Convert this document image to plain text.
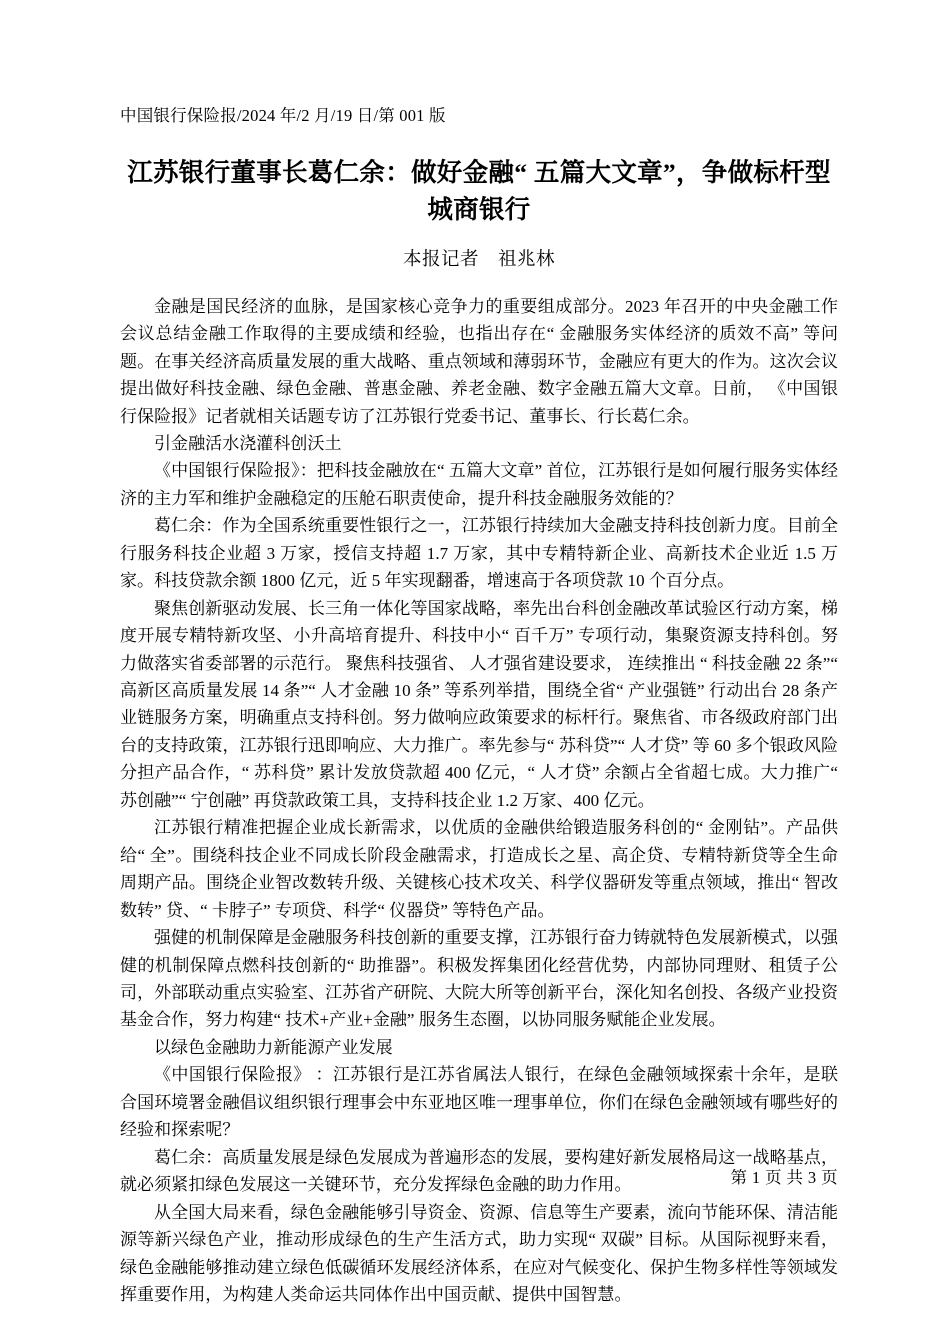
中国银行保险报/2024 年/2 月/19 日/第 001 版
江苏银行董事长葛仁余：做好金融“ 五篇大文章”，争做标杆型城商银行
本报记者　祖兆林

金融是国民经济的血脉，是国家核心竞争力的重要组成部分。2023 年召开的中央金融工作会议总结金融工作取得的主要成绩和经验，也指出存在“ 金融服务实体经济的质效不高” 等问题。在事关经济高质量发展的重大战略、重点领域和薄弱环节，金融应有更大的作为。这次会议提出做好科技金融、绿色金融、普惠金融、养老金融、数字金融五篇大文章。日前， 《中国银行保险报》记者就相关话题专访了江苏银行党委书记、董事长、行长葛仁余。

引金融活水浇灌科创沃土

《中国银行保险报》：把科技金融放在“ 五篇大文章” 首位，江苏银行是如何履行服务实体经济的主力军和维护金融稳定的压舱石职责使命，提升科技金融服务效能的？

葛仁余：作为全国系统重要性银行之一，江苏银行持续加大金融支持科技创新力度。目前全行服务科技企业超 3 万家，授信支持超 1.7 万家，其中专精特新企业、高新技术企业近 1.5 万家。科技贷款余额 1800 亿元，近 5 年实现翻番，增速高于各项贷款 10 个百分点。

聚焦创新驱动发展、长三角一体化等国家战略，率先出台科创金融改革试验区行动方案，梯度开展专精特新攻坚、小升高培育提升、科技中小“ 百千万” 专项行动，集聚资源支持科创。努力做落实省委部署的示范行。 聚焦科技强省、 人才强省建设要求， 连续推出 “ 科技金融 22 条”“ 高新区高质量发展 14 条”“ 人才金融 10 条” 等系列举措，围绕全省“ 产业强链” 行动出台 28 条产业链服务方案，明确重点支持科创。努力做响应政策要求的标杆行。聚焦省、市各级政府部门出台的支持政策，江苏银行迅即响应、大力推广。率先参与“ 苏科贷”“ 人才贷” 等 60 多个银政风险分担产品合作，“ 苏科贷” 累计发放贷款超 400 亿元，“ 人才贷” 余额占全省超七成。大力推广“ 苏创融”“ 宁创融” 再贷款政策工具，支持科技企业 1.2 万家、400 亿元。

江苏银行精准把握企业成长新需求，以优质的金融供给锻造服务科创的“ 金刚钻”。产品供给“ 全”。围绕科技企业不同成长阶段金融需求，打造成长之星、高企贷、专精特新贷等全生命周期产品。围绕企业智改数转升级、关键核心技术攻关、科学仪器研发等重点领域，推出“ 智改数转” 贷、“ 卡脖子” 专项贷、科学“ 仪器贷” 等特色产品。

强健的机制保障是金融服务科技创新的重要支撑，江苏银行奋力铸就特色发展新模式，以强健的机制保障点燃科技创新的“ 助推器”。积极发挥集团化经营优势，内部协同理财、租赁子公司，外部联动重点实验室、江苏省产研院、大院大所等创新平台，深化知名创投、各级产业投资基金合作，努力构建“ 技术+产业+金融” 服务生态圈，以协同服务赋能企业发展。

以绿色金融助力新能源产业发展

《中国银行保险报》 ：江苏银行是江苏省属法人银行，在绿色金融领域探索十余年，是联合国环境署金融倡议组织银行理事会中东亚地区唯一理事单位，你们在绿色金融领域有哪些好的经验和探索呢？

葛仁余：高质量发展是绿色发展成为普遍形态的发展，要构建好新发展格局这一战略基点，就必须紧扣绿色发展这一关键环节，充分发挥绿色金融的助力作用。

从全国大局来看，绿色金融能够引导资金、资源、信息等生产要素，流向节能环保、清洁能源等新兴绿色产业，推动形成绿色的生产生活方式，助力实现“ 双碳” 目标。从国际视野来看，绿色金融能够推动建立绿色低碳循环发展经济体系，在应对气候变化、保护生物多样性等领域发挥重要作用，为构建人类命运共同体作出中国贡献、提供中国智慧。

第 1 页 共 3 页
